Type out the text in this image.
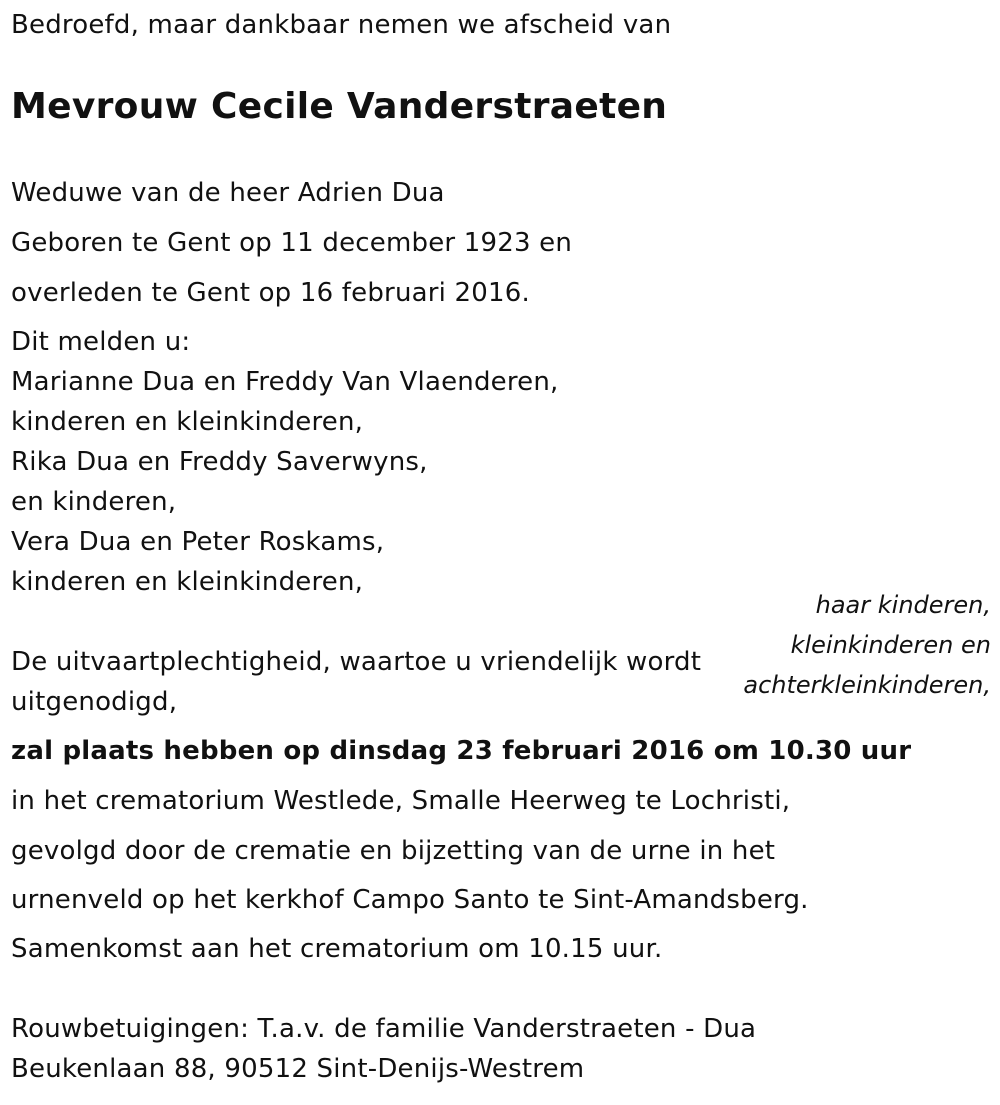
Bedroefd, maar dankbaar nemen we afscheid van
Mevrouw Cecile Vanderstraeten
Weduwe van de heer Adrien Dua
Geboren te Gent op 11 december 1923 en
overleden te Gent op 16 februari 2016.
Dit melden u:
Marianne Dua en Freddy Van Vlaenderen,
kinderen en kleinkinderen,
Rika Dua en Freddy Saverwyns,
en kinderen,
Vera Dua en Peter Roskams,
kinderen en kleinkinderen,
haar kinderen,
kleinkinderen en
achterkleinkinderen,
De uitvaartplechtigheid, waartoe u vriendelijk wordt
uitgenodigd,
zal plaats hebben op dinsdag 23 februari 2016 om 10.30 uur
in het crematorium Westlede, Smalle Heerweg te Lochristi,
gevolgd door de crematie en bijzetting van de urne in het
urnenveld op het kerkhof Campo Santo te Sint-Amandsberg.
Samenkomst aan het crematorium om 10.15 uur.
Rouwbetuigingen: T.a.v. de familie Vanderstraeten - Dua
Beukenlaan 88, 90512 Sint-Denijs-Westrem
